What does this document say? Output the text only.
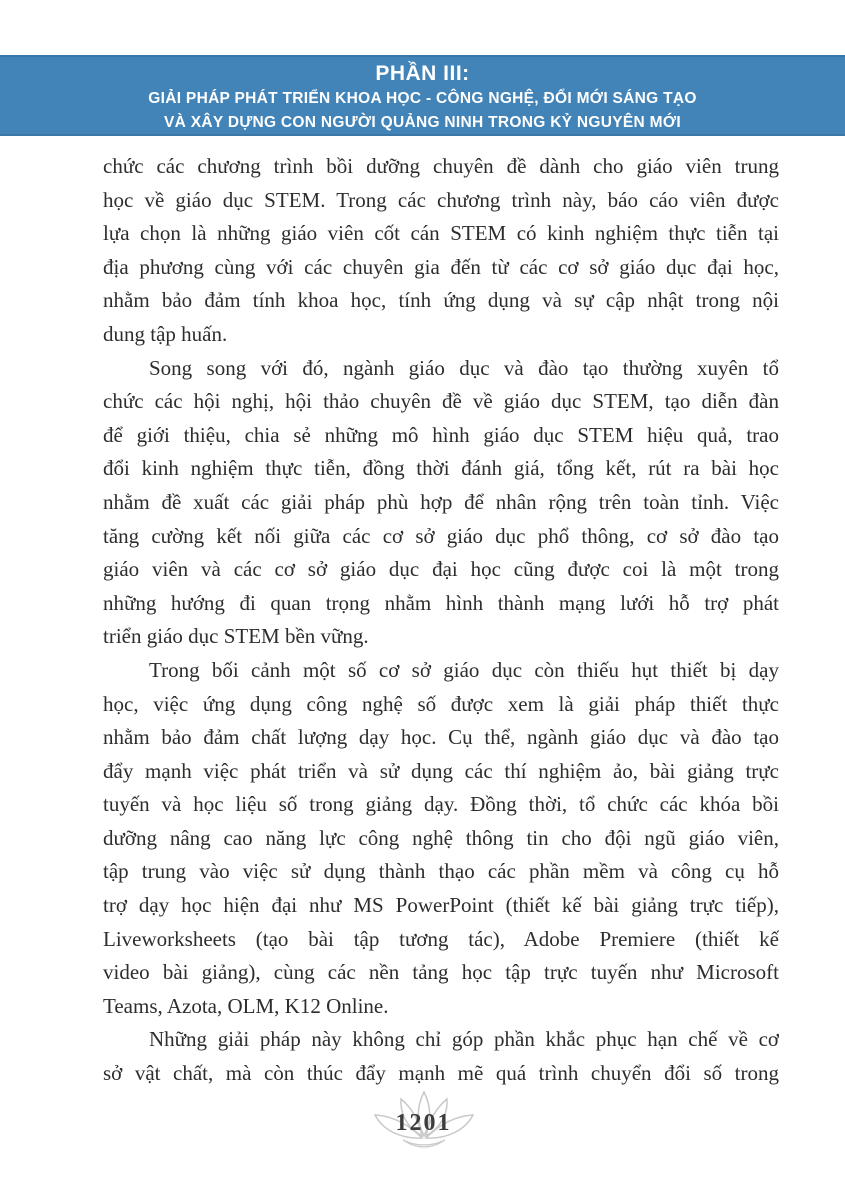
PHẦN III:
GIẢI PHÁP PHÁT TRIỂN KHOA HỌC - CÔNG NGHỆ, ĐỔI MỚI SÁNG TẠO
VÀ XÂY DỰNG CON NGƯỜI QUẢNG NINH TRONG KỶ NGUYÊN MỚI
chức các chương trình bồi dưỡng chuyên đề dành cho giáo viên trung
học về giáo dục STEM. Trong các chương trình này, báo cáo viên được
lựa chọn là những giáo viên cốt cán STEM có kinh nghiệm thực tiễn tại
địa phương cùng với các chuyên gia đến từ các cơ sở giáo dục đại học,
nhằm bảo đảm tính khoa học, tính ứng dụng và sự cập nhật trong nội
dung tập huấn.
Song song với đó, ngành giáo dục và đào tạo thường xuyên tổ
chức các hội nghị, hội thảo chuyên đề về giáo dục STEM, tạo diễn đàn
để giới thiệu, chia sẻ những mô hình giáo dục STEM hiệu quả, trao
đổi kinh nghiệm thực tiễn, đồng thời đánh giá, tổng kết, rút ra bài học
nhằm đề xuất các giải pháp phù hợp để nhân rộng trên toàn tỉnh. Việc
tăng cường kết nối giữa các cơ sở giáo dục phổ thông, cơ sở đào tạo
giáo viên và các cơ sở giáo dục đại học cũng được coi là một trong
những hướng đi quan trọng nhằm hình thành mạng lưới hỗ trợ phát
triển giáo dục STEM bền vững.
Trong bối cảnh một số cơ sở giáo dục còn thiếu hụt thiết bị dạy
học, việc ứng dụng công nghệ số được xem là giải pháp thiết thực
nhằm bảo đảm chất lượng dạy học. Cụ thể, ngành giáo dục và đào tạo
đẩy mạnh việc phát triển và sử dụng các thí nghiệm ảo, bài giảng trực
tuyến và học liệu số trong giảng dạy. Đồng thời, tổ chức các khóa bồi
dưỡng nâng cao năng lực công nghệ thông tin cho đội ngũ giáo viên,
tập trung vào việc sử dụng thành thạo các phần mềm và công cụ hỗ
trợ dạy học hiện đại như MS PowerPoint (thiết kế bài giảng trực tiếp),
Liveworksheets (tạo bài tập tương tác), Adobe Premiere (thiết kế
video bài giảng), cùng các nền tảng học tập trực tuyến như Microsoft
Teams, Azota, OLM, K12 Online.
Những giải pháp này không chỉ góp phần khắc phục hạn chế về cơ
sở vật chất, mà còn thúc đẩy mạnh mẽ quá trình chuyển đổi số trong
1201
